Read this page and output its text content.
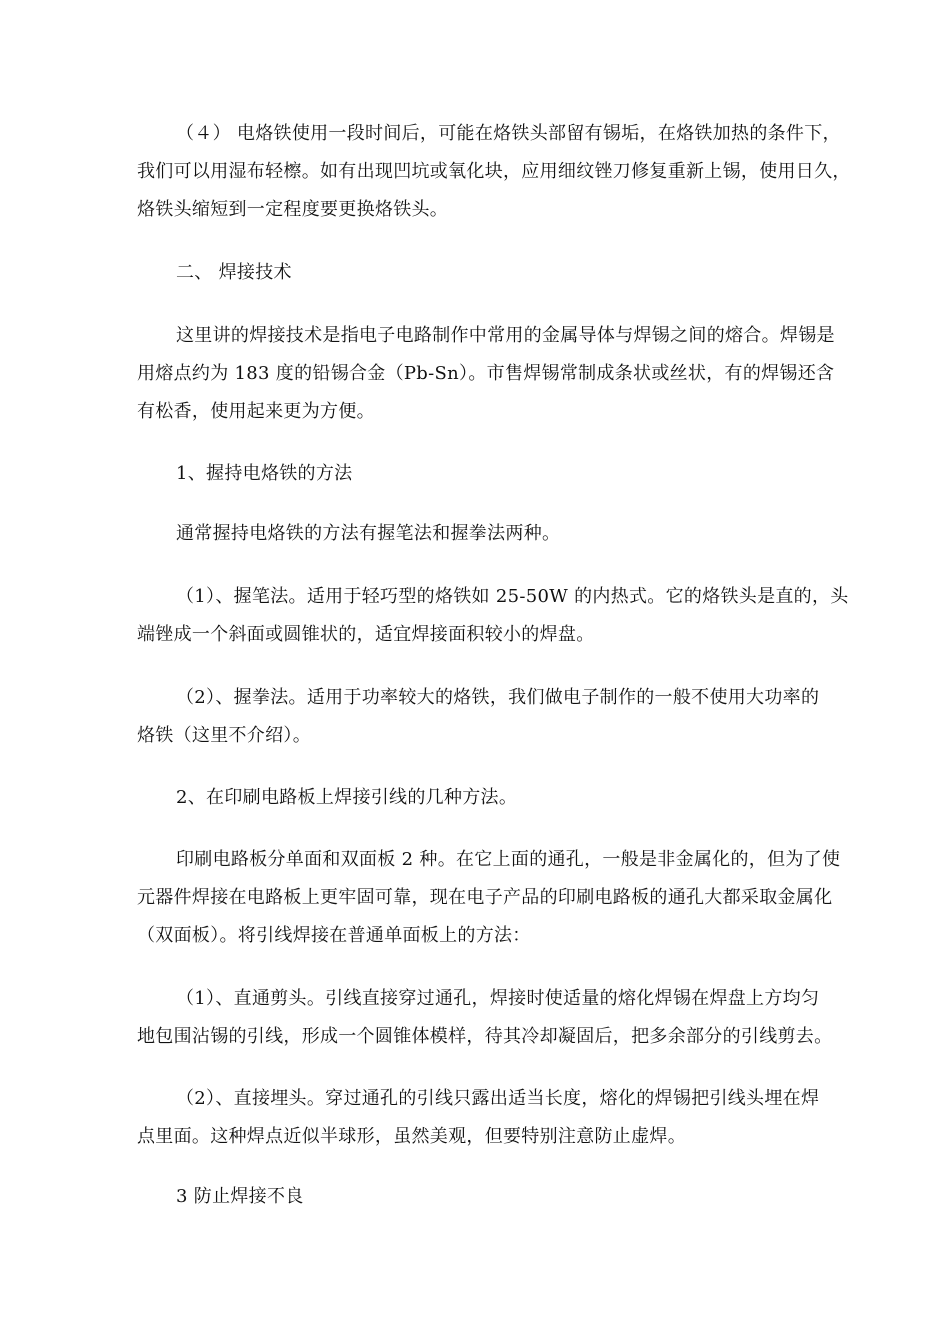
（４） 电烙铁使用一段时间后，可能在烙铁头部留有锡垢，在烙铁加热的条件下，
我们可以用湿布轻檫。如有出现凹坑或氧化块，应用细纹锉刀修复重新上锡，使用日久，
烙铁头缩短到一定程度要更换烙铁头。
二、 焊接技术
这里讲的焊接技术是指电子电路制作中常用的金属导体与焊锡之间的熔合。焊锡是
用熔点约为 183 度的铅锡合金（Pb-Sn）。市售焊锡常制成条状或丝状，有的焊锡还含
有松香，使用起来更为方便。
1、握持电烙铁的方法
通常握持电烙铁的方法有握笔法和握拳法两种。
（1）、握笔法。适用于轻巧型的烙铁如 25-50W 的内热式。它的烙铁头是直的，头
端锉成一个斜面或圆锥状的，适宜焊接面积较小的焊盘。
（2）、握拳法。适用于功率较大的烙铁，我们做电子制作的一般不使用大功率的
烙铁（这里不介绍）。
2、在印刷电路板上焊接引线的几种方法。
印刷电路板分单面和双面板 2 种。在它上面的通孔，一般是非金属化的，但为了使
元器件焊接在电路板上更牢固可靠，现在电子产品的印刷电路板的通孔大都采取金属化
（双面板）。将引线焊接在普通单面板上的方法：
（1）、直通剪头。引线直接穿过通孔，焊接时使适量的熔化焊锡在焊盘上方均匀
地包围沾锡的引线，形成一个圆锥体模样，待其冷却凝固后，把多余部分的引线剪去。
（2）、直接埋头。穿过通孔的引线只露出适当长度，熔化的焊锡把引线头埋在焊
点里面。这种焊点近似半球形，虽然美观，但要特别注意防止虚焊。
3 防止焊接不良
